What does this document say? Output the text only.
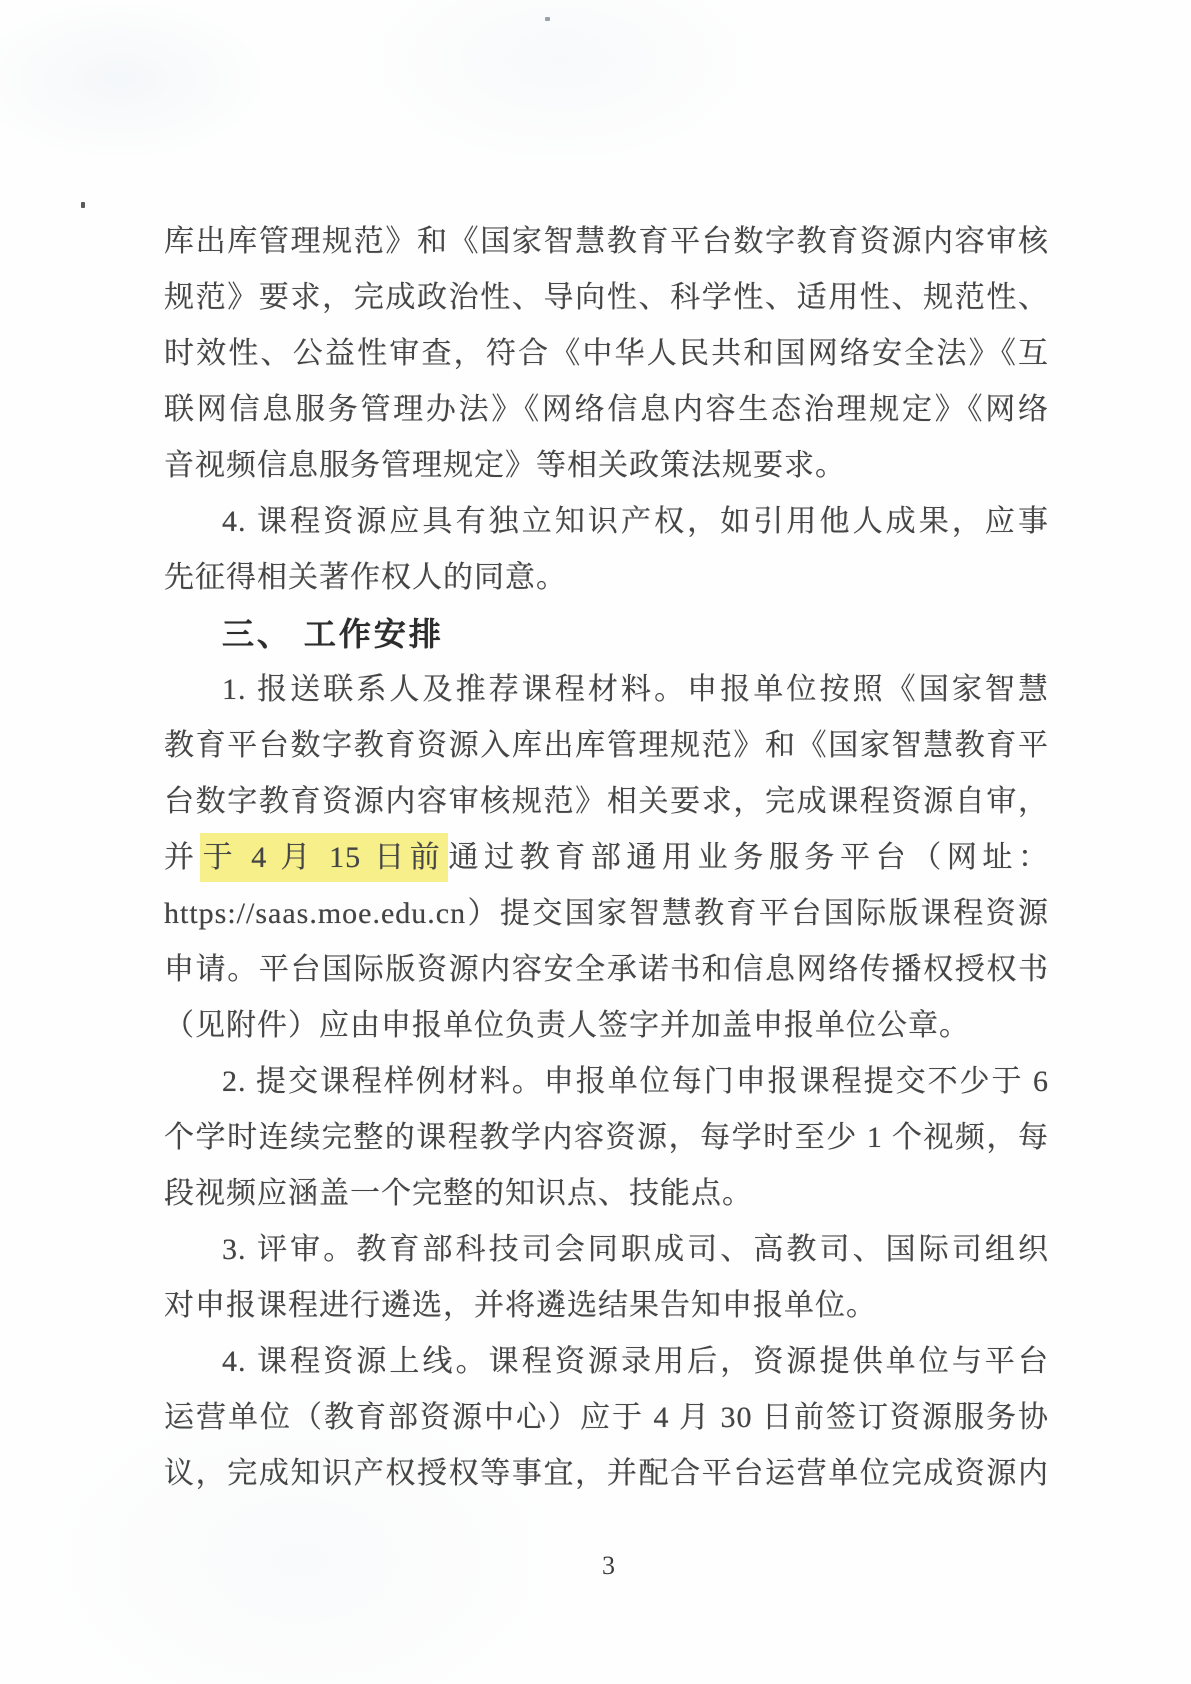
库出库管理规范》和《国家智慧教育平台数字教育资源内容审核
规范》要求，完成政治性、导向性、科学性、适用性、规范性、
时效性、公益性审查，符合《中华人民共和国网络安全法》《互
联网信息服务管理办法》《网络信息内容生态治理规定》《网络
音视频信息服务管理规定》等相关政策法规要求。
4. 课程资源应具有独立知识产权，如引用他人成果，应事
先征得相关著作权人的同意。
三、 工作安排
1. 报送联系人及推荐课程材料。申报单位按照《国家智慧
教育平台数字教育资源入库出库管理规范》和《国家智慧教育平
台数字教育资源内容审核规范》相关要求，完成课程资源自审，
并 于 4 月 15 日前 通过教育部通用业务服务平台（网址：
https://saas.moe.edu.cn）提交国家智慧教育平台国际版课程资源
申请。平台国际版资源内容安全承诺书和信息网络传播权授权书
（见附件）应由申报单位负责人签字并加盖申报单位公章。
2. 提交课程样例材料。申报单位每门申报课程提交不少于 6
个学时连续完整的课程教学内容资源，每学时至少 1 个视频，每
段视频应涵盖一个完整的知识点、技能点。
3. 评审。教育部科技司会同职成司、高教司、国际司组织
对申报课程进行遴选，并将遴选结果告知申报单位。
4. 课程资源上线。课程资源录用后，资源提供单位与平台
运营单位（教育部资源中心）应于 4 月 30 日前签订资源服务协
议，完成知识产权授权等事宜，并配合平台运营单位完成资源内
3
